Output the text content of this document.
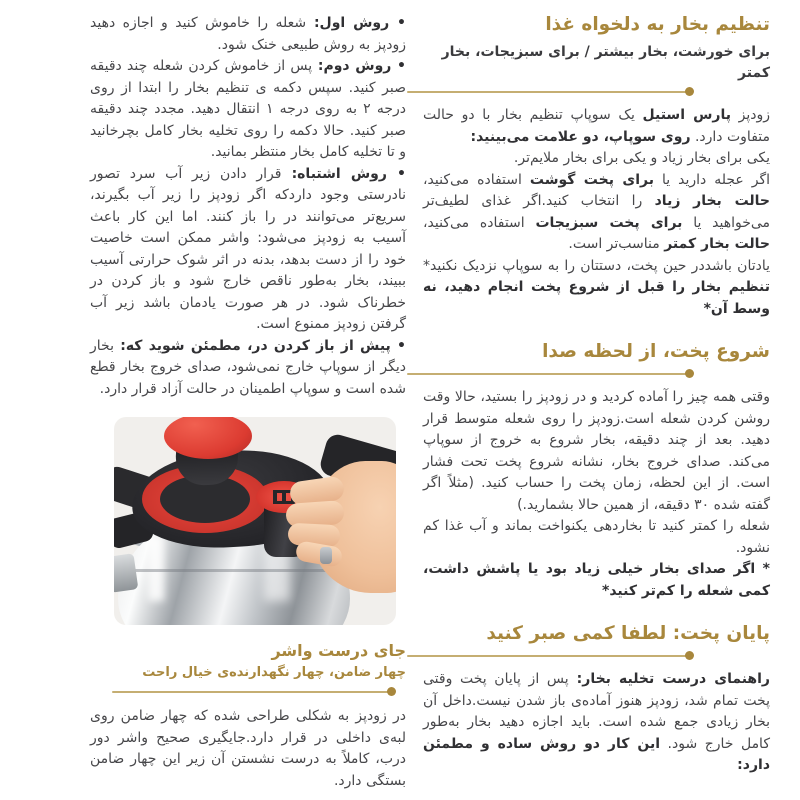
تنظیم بخار به دلخواه غذا

برای خورشت، بخار بیشتر / برای سبزیجات، بخار کمتر

زودپز پارس استیل یک سوپاپ تنظیم بخار با دو حالت متفاوت دارد. روی سوپاپ، دو علامت می‌بینید:

یکی برای بخار زیاد و یکی برای بخار ملایم‌تر.

اگر عجله دارید یا برای پخت گوشت استفاده می‌کنید، حالت بخار زیاد را انتخاب کنید.اگر غذای لطیف‌تر می‌خواهید یا برای پخت سبزیجات استفاده می‌کنید، حالت بخار کمتر مناسب‌تر است.

یادتان باشددر حین پخت، دستتان را به سوپاپ نزدیک نکنید* تنظیم بخار را قبل از شروع پخت انجام دهید، نه وسط آن*

شروع پخت، از لحظه صدا

وقتی همه چیز را آماده کردید و در زودپز را بستید، حالا وقت روشن کردن شعله است.زودپز را روی شعله متوسط قرار دهید. بعد از چند دقیقه، بخار شروع به خروج از سوپاپ می‌کند. صدای خروج بخار، نشانه شروع پخت تحت فشار است. از این لحظه، زمان پخت را حساب کنید. (مثلاً اگر گفته شده ۳۰ دقیقه، از همین حالا بشمارید.)

شعله را کمتر کنید تا بخاردهی یکنواخت بماند و آب غذا کم نشود.

* اگر صدای بخار خیلی زیاد بود یا پاشش داشت، کمی شعله را کم‌تر کنید*

پایان پخت: لطفا کمی صبر کنید

راهنمای درست تخلیه بخار: پس از پایان پخت وقتی پخت تمام شد، زودپز هنوز آماده‌ی باز شدن نیست.داخل آن بخار زیادی جمع شده است. باید اجازه دهید بخار به‌طور کامل خارج شود. این کار دو روش ساده و مطمئن دارد:

• روش اول: شعله را خاموش کنید و اجازه دهید زودپز به روش طبیعی خنک شود.

• روش دوم: پس از خاموش کردن شعله چند دقیقه صبر کنید. سپس دکمه ی تنظیم بخار را ابتدا از روی درجه ۲ به روی درجه ۱ انتقال دهید. مجدد چند دقیقه صبر کنید. حالا دکمه را روی تخلیه بخار کامل بچرخانید و تا تخلیه کامل بخار منتظر بمانید.

• روش اشتباه: قرار دادن زیر آب سرد تصور نادرستی وجود داردکه اگر زودپز را زیر آب بگیرند، سریع‌تر می‌توانند در را باز کنند. اما این کار باعث آسیب به زودپز می‌شود: واشر ممکن است خاصیت خود را از دست بدهد، بدنه در اثر شوک حرارتی آسیب ببیند، بخار به‌طور ناقص خارج شود و باز کردن در خطرناک شود. در هر صورت یادمان باشد زیر آب گرفتن زودپز ممنوع است.

• پیش از باز کردن در، مطمئن شوید که: بخار دیگر از سوپاپ خارج نمی‌شود، صدای خروج بخار قطع شده است و سوپاپ اطمینان در حالت آزاد قرار دارد.

جای درست واشر

چهار ضامن، چهار نگهدارنده‌ی خیال راحت

در زودپز به شکلی طراحی شده که چهار ضامن روی لبه‌ی داخلی در قرار دارد.جایگیری صحیح واشر دور درب، کاملاً به درست نشستن آن زیر این چهار ضامن بستگی دارد.
